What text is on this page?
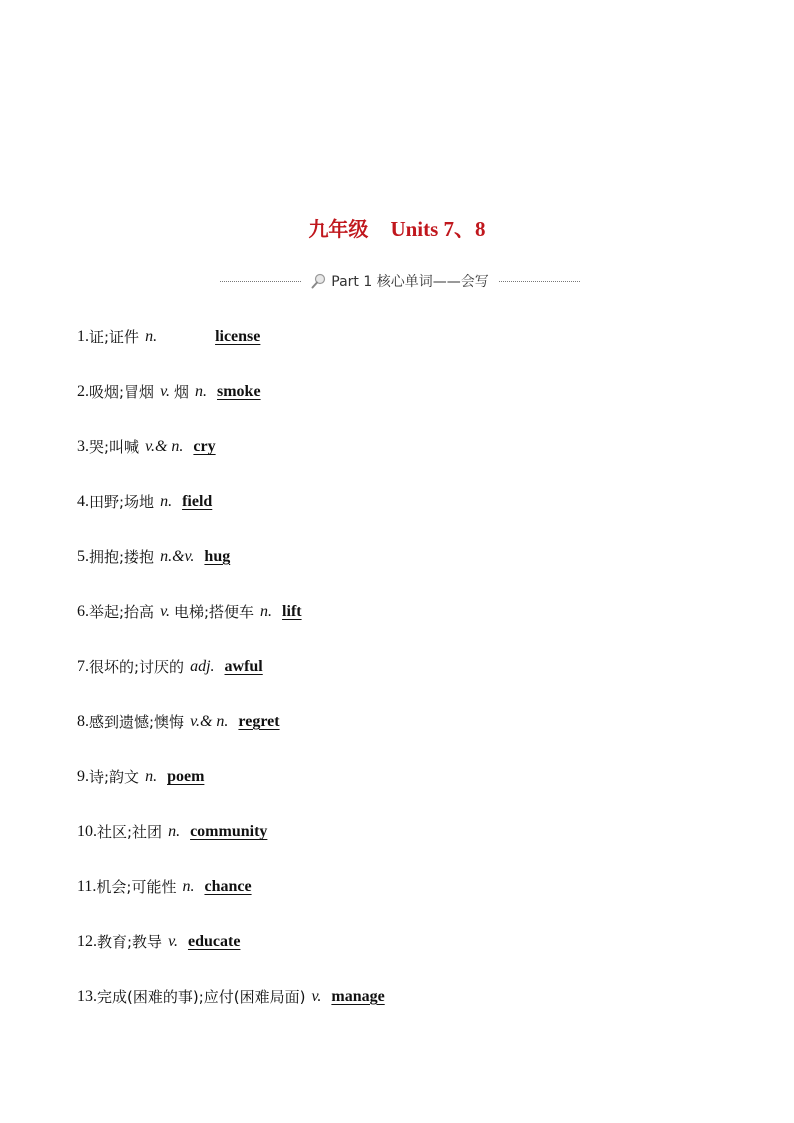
九年级 Units 7、8
Part 1 核心单词——会写
1. 证;证件 n.	license
2. 吸烟;冒烟 v. 烟 n. smoke
3. 哭;叫喊 v.& n. cry
4. 田野;场地 n. field
5. 拥抱;搂抱 n.&v. hug
6. 举起;抬高 v. 电梯;搭便车 n. lift
7. 很坏的;讨厌的 adj. awful
8. 感到遗憾;懊悔 v.& n. regret
9. 诗;韵文 n. poem
10. 社区;社团 n. community
11. 机会;可能性 n. chance
12. 教育;教导 v. educate
13. 完成(困难的事);应付(困难局面) v. manage
